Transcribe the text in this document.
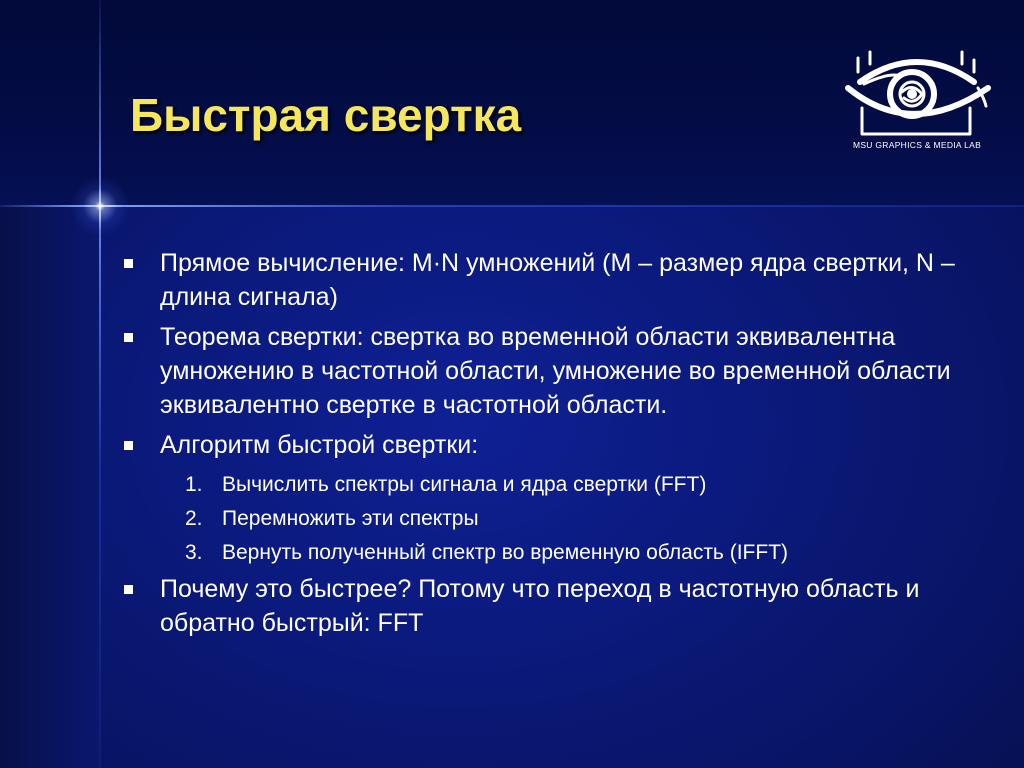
Быстрая свертка
MSU GRAPHICS & MEDIA LAB
Прямое вычисление: M·N умножений (M – размер ядра свертки, N – длина сигнала)
Теорема свертки: свертка во временной области эквивалентна умножению в частотной области, умножение во временной области эквивалентно свертке в частотной области.
Алгоритм быстрой свертки:
1. Вычислить спектры сигнала и ядра свертки (FFT)
2. Перемножить эти спектры
3. Вернуть полученный спектр во временную область (IFFT)
Почему это быстрее? Потому что переход в частотную область и обратно быстрый: FFT
